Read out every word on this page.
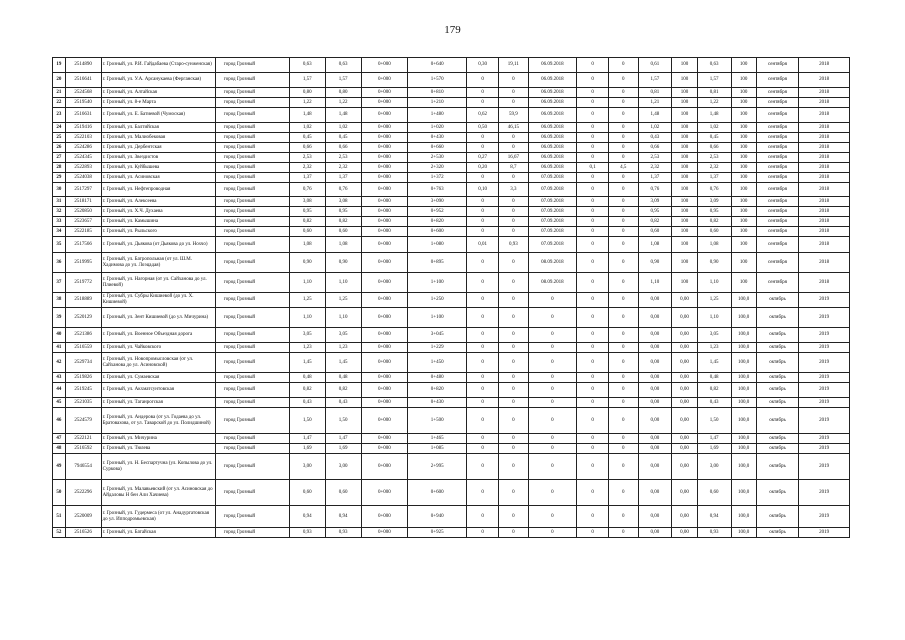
179
19	2514890	г. Грозный, ул. Р.И. Гайдабаева (Старо-сунженская)	город Грозный	0,63	0,63	0+000	0+640	0,30	19,11	06.09.2018	0	0	0,61	100	0,63	100	сентября	2018
20	2516641	г. Грозный, ул. У.А. Арсанукаева (Ферганская)	город Грозный	1,57	1,57	0+000	1+570	0	0	06.09.2018	0	0	1,57	100	1,57	100	сентября	2018
21	2524568	г. Грозный, ул. Алтайская	город Грозный	0,80	0,80	0+000	0+810	0	0	06.09.2018	0	0	0,81	100	0,81	100	сентября	2018
22	2519540	г. Грозный, ул. 8-е Марта	город Грозный	1,22	1,22	0+000	1+210	0	0	06.09.2018	0	0	1,21	100	1,22	100	сентября	2018
23	2516631	г. Грозный, ул. Е. Батиевой (Чумоская)	город Грозный	1,48	1,48	0+000	1+480	0,62	59,9	06.09.2018	0	0	1,48	100	1,48	100	сентября	2018
24	2519416	г. Грозный, ул. Балтийская	город Грозный	1,02	1,02	0+000	1+020	0,50	46,15	06.09.2018	0	0	1,02	100	1,02	100	сентября	2018
25	2522103	г. Грозный, ул. Малиобековая	город Грозный	0,45	0,45	0+000	0+430	0	0	06.09.2018	0	0	0,43	100	0,45	100	сентября	2018
26	2524286	г. Грозный, ул. Дербентская	город Грозный	0,66	0,66	0+000	0+660	0	0	06.09.2018	0	0	0,66	100	0,66	100	сентября	2018
27	2524345	г. Грозный, ул. Звездистов	город Грозный	2,53	2,53	0+000	2+530	0,27	16,67	06.09.2018	0	0	2,53	100	2,53	100	сентября	2018
28	2522893	г. Грозный, ул. Куйбышева	город Грозный	2,32	2,32	0+000	2+320	0,20	8,7	06.09.2018	0,1	4,5	2,32	100	2,32	100	сентября	2018
29	2524038	г. Грозный, ул. Асиновская	город Грозный	1,37	1,37	0+000	1+372	0	0	07.09.2018	0	0	1,37	100	1,37	100	сентября	2018
30	2517297	г. Грозный, ул. Нефтепроводная	город Грозный	0,76	0,76	0+000	0+763	0,10	3,3	07.09.2018	0	0	0,76	100	0,76	100	сентября	2018
31	2518171	г. Грозный, ул. Алексеева	город Грозный	3,08	3,08	0+000	3+090	0	0	07.09.2018	0	0	3,09	100	3,09	100	сентября	2018
32	2520850	г. Грозный, ул. Х.Ч. Духаева	город Грозный	0,95	0,95	0+000	0+952	0	0	07.09.2018	0	0	0,95	100	0,95	100	сентября	2018
33	2523657	г. Грозный, ул. Камышина	город Грозный	0,82	0,82	0+000	0+820	0	0	07.09.2018	0	0	0,82	100	0,82	100	сентября	2018
34	2522185	г. Грозный, ул. Рыльского	город Грозный	0,60	0,60	0+000	0+600	0	0	07.09.2018	0	0	0,60	100	0,60	100	сентября	2018
35	2517566	г. Грозный, ул. Дьякова (от Дьякова до ул. Нохчо)	город Грозный	1,08	1,08	0+000	1+080	0,01	0,93	07.09.2018	0	0	1,08	100	1,08	100	сентября	2018
36	2519995	г. Грозный, ул. Батропольная (от ул. Ш.М. Хадимова до ул. Лоэцадая)	город Грозный	0,90	0,90	0+000	0+895	0	0	08.09.2018	0	0	0,90	100	0,90	100	сентября	2018
37	2519772	г. Грозный, ул. Нагорная (от ул. Сайханова до ул. Плиевой)	город Грозный	1,10	1,10	0+000	1+100	0	0	08.09.2018	0	0	1,10	100	1,10	100	сентября	2018
38	2518889	г. Грозный, ул. Субры Кишиевой (до ул. Х. Кишиевой)	город Грозный	1,25	1,25	0+000	1+250	0	0	0	0	0	0,00	0,00	1,25	100,0	октябрь	2019
39	2520129	г. Грозный, ул. Зент Кишиевой (до ул. Мичурина)	город Грозный	1,10	1,10	0+000	1+100	0	0	0	0	0	0,00	0,00	1,10	100,0	октябрь	2019
40	2521386	г. Грозный, ул. Военное Объездная дорога	город Грозный	3,05	3,05	0+000	3+045	0	0	0	0	0	0,00	0,00	3,05	100,0	октябрь	2019
41	2516559	г. Грозный, ул. Чайковского	город Грозный	1,23	1,23	0+000	1+229	0	0	0	0	0	0,00	0,00	1,23	100,0	октябрь	2019
42	2529734	г. Грозный, ул. Новопромысловская (от ул. Сайханова до ул. Асиновской)	город Грозный	1,45	1,45	0+000	1+450	0	0	0	0	0	0,00	0,00	1,45	100,0	октябрь	2019
43	2519826	г. Грозный, ул. Сумаевская	город Грозный	0,48	0,48	0+000	0+480	0	0	0	0	0	0,00	0,00	0,48	100,0	октябрь	2019
44	2519245	г. Грозный, ул. Акхматсунтовская	город Грозный	0,82	0,82	0+000	0+820	0	0	0	0	0	0,00	0,00	0,82	100,0	октябрь	2019
45	2521035	г. Грозный, ул. Таганрогская	город Грозный	0,43	0,43	0+000	0+430	0	0	0	0	0	0,00	0,00	0,43	100,0	октябрь	2019
46	2524579	г. Грозный, ул. Андерова (от ул. Годаева до ул. Братовахова, от ул. Таварской до ул. Полидшиной)	город Грозный	1,50	1,50	0+000	1+500	0	0	0	0	0	0,00	0,00	1,50	100,0	октябрь	2019
47	2522121	г. Грозный, ул. Мичурина	город Грозный	1,47	1,47	0+000	1+465	0	0	0	0	0	0,00	0,00	1,47	100,0	октябрь	2019
48	2516592	г. Грозный, ул. Тюлева	город Грозный	1,69	1,69	0+000	1+085	0	0	0	0	0	0,00	0,00	1,69	100,0	октябрь	2019
49	7946554	г. Грозный, ул. Н. Беспартучна (ул. Копылова до ул. Суркова)	город Грозный	3,00	3,00	0+000	2+995	0	0	0	0	0	0,00	0,00	3,00	100,0	октябрь	2019
50	2522296	г. Грозный, ул. Малавьевский (от ул. Асиновская до Айдаловы Н бен Али Хачиева)	город Грозный	0,60	0,60	0+000	0+600	0	0	0	0	0	0,00	0,00	0,60	100,0	октябрь	2019
51	2520009	г. Грозный, ул. Гудермеса (от ул. Анадургатовская до ул. Ипподромьевская)	город Грозный	0,94	0,94	0+000	0+940	0	0	0	0	0	0,00	0,00	0,94	100,0	октябрь	2019
52	2516526	г. Грозный, ул. Батайская	город Грозный	0,93	0,93	0+000	0+925	0	0	0	0	0	0,00	0,00	0,93	100,0	октябрь	2019
